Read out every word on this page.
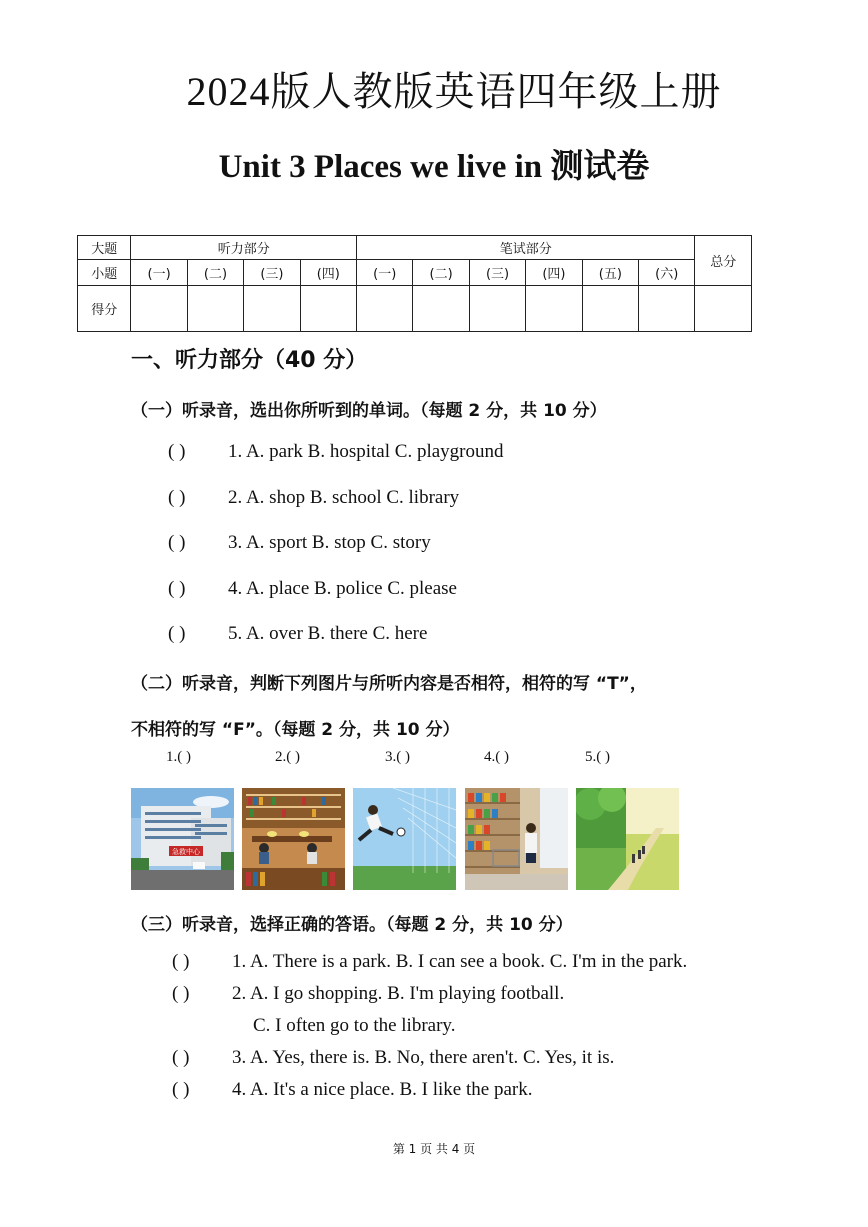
2024版人教版英语四年级上册
Unit 3 Places we live in 测试卷
大题	听力部分				笔试部分						总分
小题	(一)	(二)	(三)	(四)	(一)	(二)	(三)	(四)	(五)	(六)	
得分											
一、听力部分（40 分）
（一）听录音，选出你所听到的单词。（每题 2 分，共 10 分）
( ) 1. A. park B. hospital C. playground
( ) 2. A. shop B. school C. library
( ) 3. A. sport B. stop C. story
( ) 4. A. place B. police C. please
( ) 5. A. over B. there C. here
（二）听录音，判断下列图片与所听内容是否相符，相符的写 “T”，
不相符的写 “F”。（每题 2 分，共 10 分）
1.( )	2.( )	3.( )	4.( )	5.( )
急救中心
（三）听录音，选择正确的答语。（每题 2 分，共 10 分）
( ) 1. A. There is a park. B. I can see a book. C. I'm in the park.
( ) 2. A. I go shopping. B. I'm playing football.
C. I often go to the library.
( ) 3. A. Yes, there is. B. No, there aren't. C. Yes, it is.
( ) 4. A. It's a nice place. B. I like the park.
第 1 页 共 4 页
